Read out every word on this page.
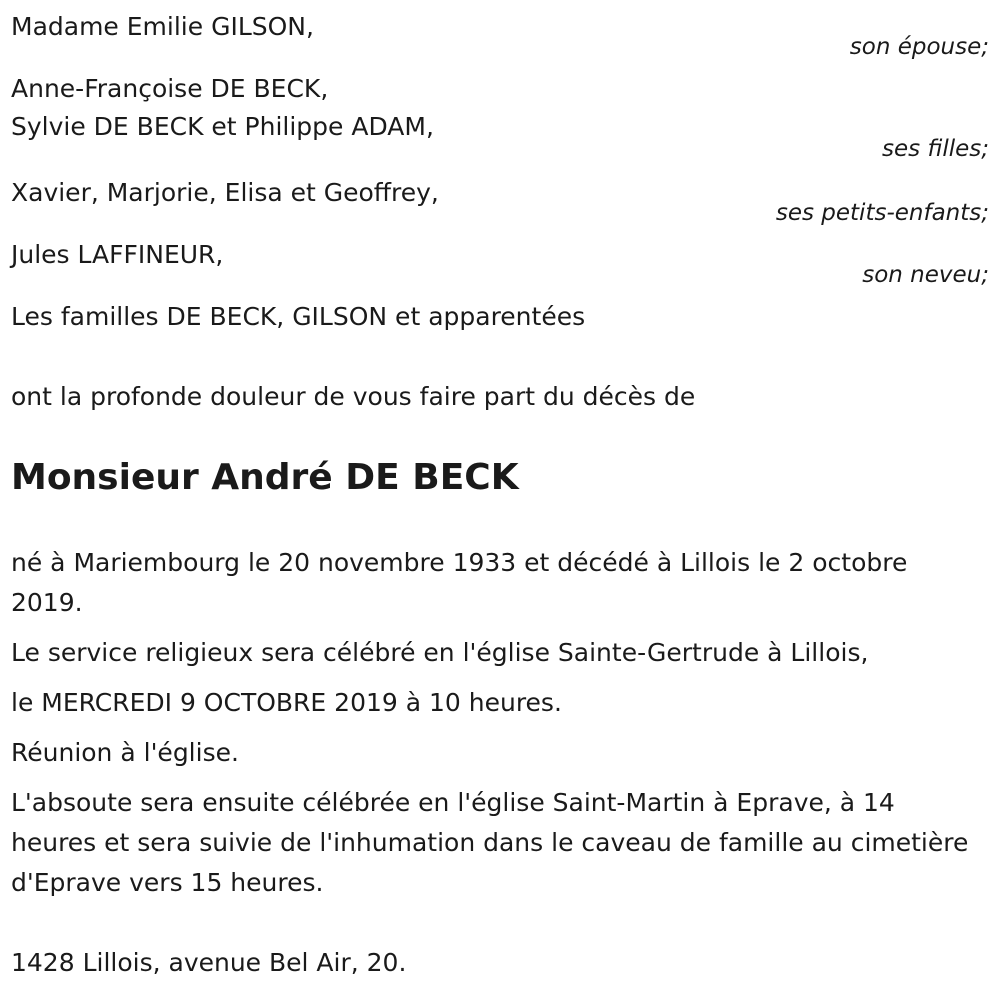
Madame Emilie GILSON,
son épouse;
Anne-Françoise DE BECK,
Sylvie DE BECK et Philippe ADAM,
ses filles;
Xavier, Marjorie, Elisa et Geoffrey,
ses petits-enfants;
Jules LAFFINEUR,
son neveu;
Les familles DE BECK, GILSON et apparentées
ont la profonde douleur de vous faire part du décès de
Monsieur André DE BECK
né à Mariembourg le 20 novembre 1933 et décédé à Lillois le 2 octobre 2019.
Le service religieux sera célébré en l'église Sainte-Gertrude à Lillois,
le MERCREDI 9 OCTOBRE 2019 à 10 heures.
Réunion à l'église.
L'absoute sera ensuite célébrée en l'église Saint-Martin à Eprave, à 14 heures et sera suivie de l'inhumation dans le caveau de famille au cimetière d'Eprave vers 15 heures.
1428 Lillois, avenue Bel Air, 20.
